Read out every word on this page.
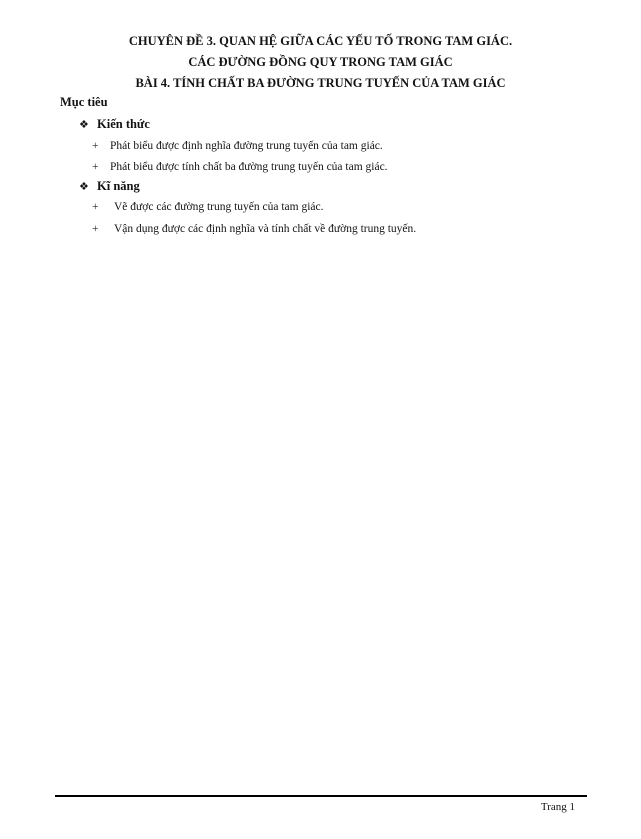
CHUYÊN ĐỀ 3. QUAN HỆ GIỮA CÁC YẾU TỐ TRONG TAM GIÁC.
CÁC ĐƯỜNG ĐỒNG QUY TRONG TAM GIÁC
BÀI 4. TÍNH CHẤT BA ĐƯỜNG TRUNG TUYẾN CỦA TAM GIÁC
Mục tiêu
❖ Kiến thức
+	Phát biểu được định nghĩa đường trung tuyến của tam giác.
+	Phát biểu được tính chất ba đường trung tuyến của tam giác.
❖ Kĩ năng
+	Vẽ được các đường trung tuyến của tam giác.
+	Vận dụng được các định nghĩa và tính chất về đường trung tuyến.
Trang 1
